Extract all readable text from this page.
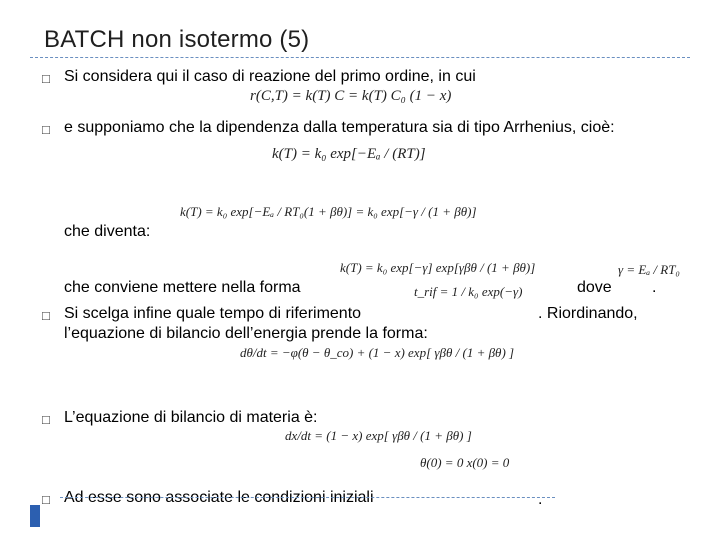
BATCH non isotermo (5)
□ Si considera qui il caso di reazione del primo ordine, in cui
r(C,T) = k(T) C = k(T) C₀ (1 − x)
□ e supponiamo che la dipendenza dalla temperatura sia di tipo Arrhenius, cioè:
k(T) = k₀ exp[−Eₐ / (RT)]
che diventa:
k(T) = k₀ exp[−Eₐ / RT₀(1 + βθ)] = k₀ exp[−γ / (1 + βθ)]
che conviene mettere nella forma
k(T) = k₀ exp[−γ] exp[γβθ / (1 + βθ)]
dove
γ = Eₐ / RT₀
.
□ Si scelga infine quale tempo di riferimento
t_rif = 1 / k₀ exp(−γ)
. Riordinando,
l’equazione di bilancio dell’energia prende la forma:
dθ/dt = −φ(θ − θ_co) + (1 − x) exp[ γβθ / (1 + βθ) ]
□ L’equazione di bilancio di materia è:
dx/dt = (1 − x) exp[ γβθ / (1 + βθ) ]
θ(0) = 0 x(0) = 0
□ Ad esse sono associate le condizioni iniziali	.
